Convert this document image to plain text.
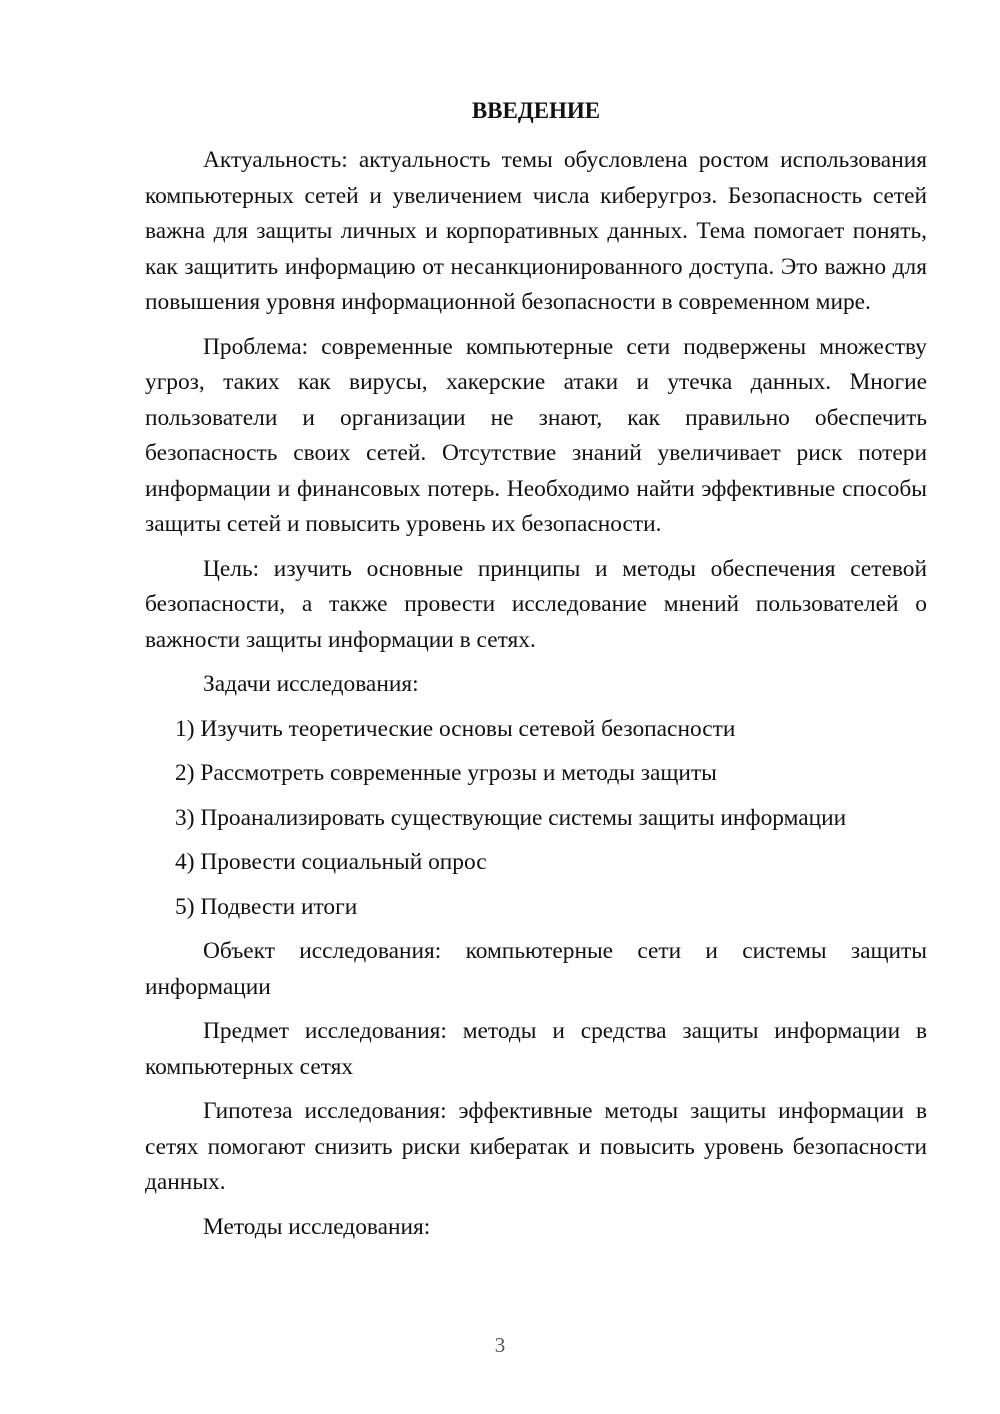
ВВЕДЕНИЕ

Актуальность: актуальность темы обусловлена ростом использования компьютерных сетей и увеличением числа киберугроз. Безопасность сетей важна для защиты личных и корпоративных данных. Тема помогает понять, как защитить информацию от несанкционированного доступа. Это важно для повышения уровня информационной безопасности в современном мире.

Проблема: современные компьютерные сети подвержены множеству угроз, таких как вирусы, хакерские атаки и утечка данных. Многие пользователи и организации не знают, как правильно обеспечить безопасность своих сетей. Отсутствие знаний увеличивает риск потери информации и финансовых потерь. Необходимо найти эффективные способы защиты сетей и повысить уровень их безопасности.

Цель: изучить основные принципы и методы обеспечения сетевой безопасности, а также провести исследование мнений пользователей о важности защиты информации в сетях.

Задачи исследования:

1) Изучить теоретические основы сетевой безопасности

2) Рассмотреть современные угрозы и методы защиты

3) Проанализировать существующие системы защиты информации

4) Провести социальный опрос

5) Подвести итоги

Объект исследования: компьютерные сети и системы защиты информации

Предмет исследования: методы и средства защиты информации в компьютерных сетях

Гипотеза исследования: эффективные методы защиты информации в сетях помогают снизить риски кибератак и повысить уровень безопасности данных.

Методы исследования:

3
